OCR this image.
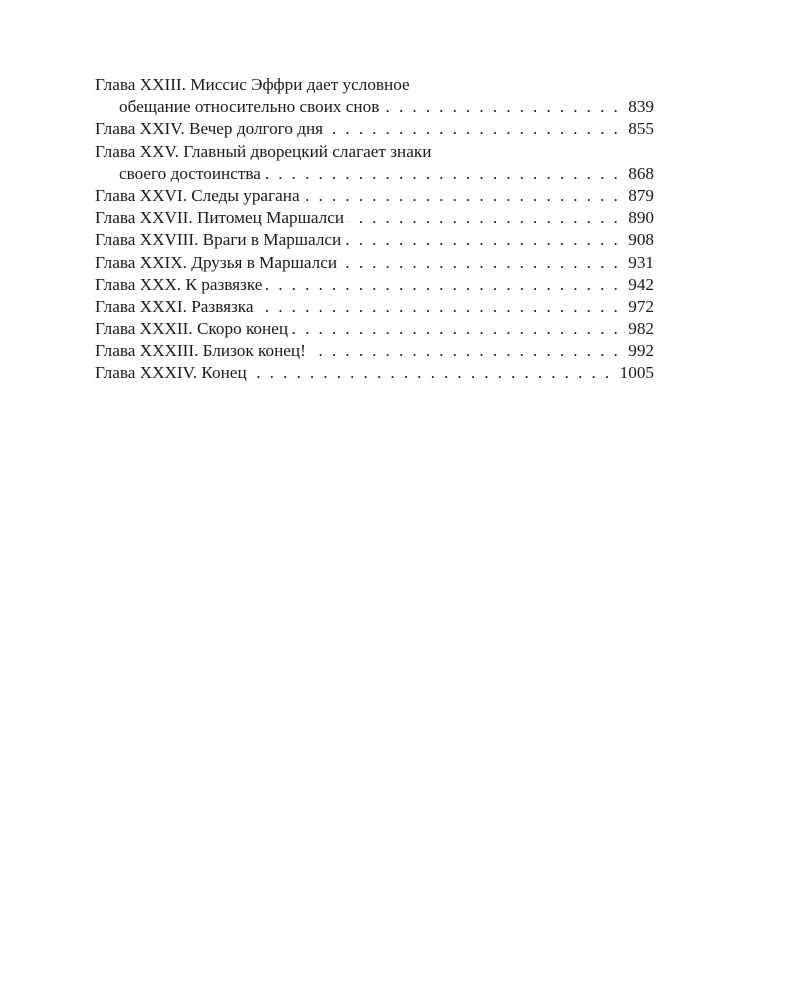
Глава XXIII. Миссис Эффри дает условное
обещание относительно своих снов . . .	839
Глава XXIV. Вечер долгого дня . . .	855
Глава XXV. Главный дворецкий слагает знаки
своего достоинства . . .	868
Глава XXVI. Следы урагана . . .	879
Глава XXVII. Питомец Маршалси . . .	890
Глава XXVIII. Враги в Маршалси . . .	908
Глава XXIX. Друзья в Маршалси . . .	931
Глава XXX. К развязке . . .	942
Глава XXXI. Развязка . . .	972
Глава XXXII. Скоро конец . . .	982
Глава XXXIII. Близок конец! . . .	992
Глава XXXIV. Конец . . .	1005
